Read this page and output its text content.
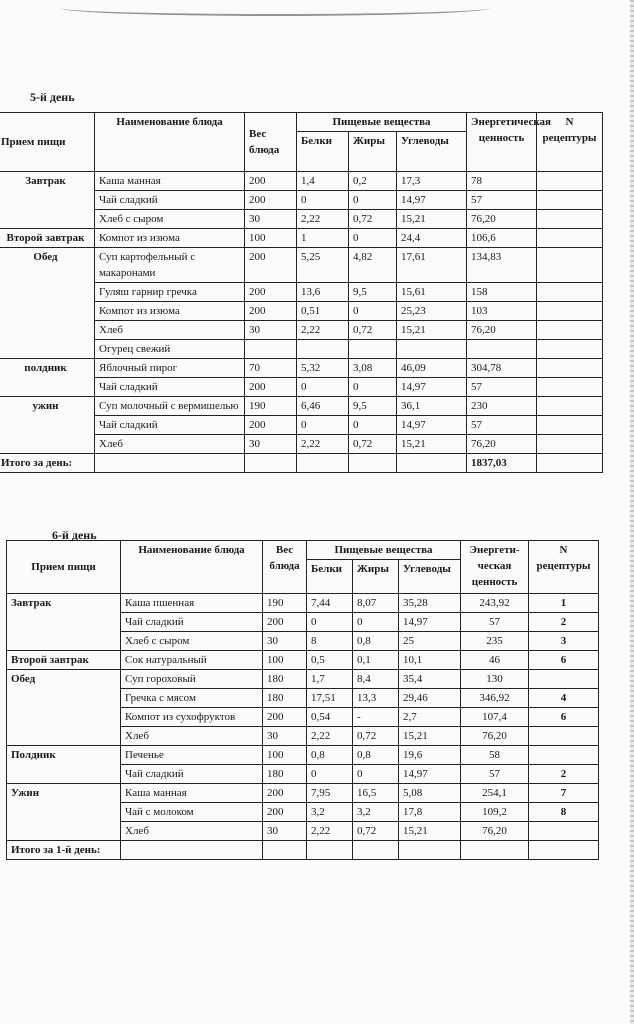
5-й день
Прием пищи	Наименование блюда	Вес блюда	Пищевые вещества			Энергетическая ценность	N рецептуры
			Белки	Жиры	Углеводы		
Завтрак	Каша манная	200	1,4	0,2	17,3	78	
	Чай сладкий	200	0	0	14,97	57	
	Хлеб с сыром	30	2,22	0,72	15,21	76,20	
Второй завтрак	Компот из изюма	100	1	0	24,4	106,6	
Обед	Суп картофельный с макаронами	200	5,25	4,82	17,61	134,83	
	Гуляш гарнир гречка	200	13,6	9,5	15,61	158	
	Компот из изюма	200	0,51	0	25,23	103	
	Хлеб	30	2,22	0,72	15,21	76,20	
	Огурец свежий						
полдник	Яблочный пирог	70	5,32	3,08	46,09	304,78	
	Чай сладкий	200	0	0	14,97	57	
ужин	Суп молочный с вермишелью	190	6,46	9,5	36,1	230	
	Чай сладкий	200	0	0	14,97	57	
	Хлеб	30	2,22	0,72	15,21	76,20	
Итого за день:						1837,03	
6-й день
Прием пищи	Наименование блюда	Вес блюда	Пищевые вещества			Энергети-ческая ценность	N рецептуры
			Белки	Жиры	Углеводы		
Завтрак	Каша пшенная	190	7,44	8,07	35,28	243,92	1
	Чай сладкий	200	0	0	14,97	57	2
	Хлеб с сыром	30	8	0,8	25	235	3
Второй завтрак	Сок натуральный	100	0,5	0,1	10,1	46	6
Обед	Суп гороховый	180	1,7	8,4	35,4	130	
	Гречка с мясом	180	17,51	13,3	29,46	346,92	4
	Компот из сухофруктов	200	0,54	-	2,7	107,4	6
	Хлеб	30	2,22	0,72	15,21	76,20	
Полдник	Печенье	100	0,8	0,8	19,6	58	
	Чай сладкий	180	0	0	14,97	57	2
Ужин	Каша манная	200	7,95	16,5	5,08	254,1	7
	Чай с молоком	200	3,2	3,2	17,8	109,2	8
	Хлеб	30	2,22	0,72	15,21	76,20	
Итого за 1-й день:							
